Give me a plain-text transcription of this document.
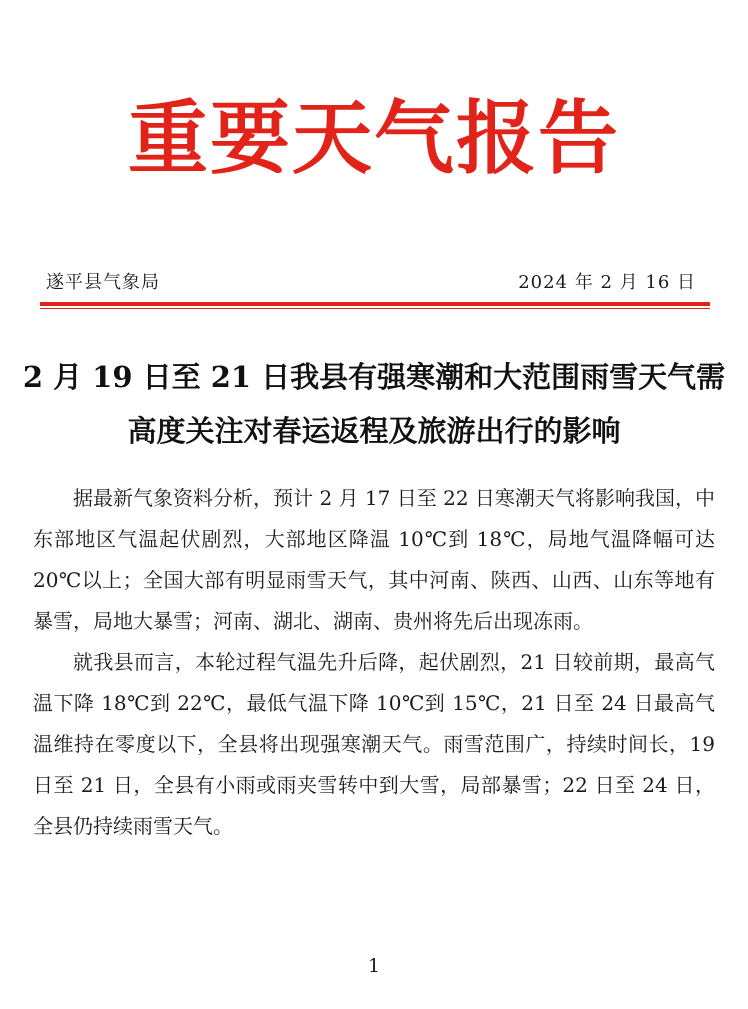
重要天气报告
遂平县气象局	2024 年 2 月 16 日
2 月 19 日至 21 日我县有强寒潮和大范围雨雪天气需高度关注对春运返程及旅游出行的影响

据最新气象资料分析，预计 2 月 17 日至 22 日寒潮天气将影响我国，中东部地区气温起伏剧烈，大部地区降温 10℃到 18℃，局地气温降幅可达 20℃以上；全国大部有明显雨雪天气，其中河南、陕西、山西、山东等地有暴雪，局地大暴雪；河南、湖北、湖南、贵州将先后出现冻雨。

就我县而言，本轮过程气温先升后降，起伏剧烈，21 日较前期，最高气温下降 18℃到 22℃，最低气温下降 10℃到 15℃，21 日至 24 日最高气温维持在零度以下，全县将出现强寒潮天气。雨雪范围广，持续时间长，19 日至 21 日，全县有小雨或雨夹雪转中到大雪，局部暴雪；22 日至 24 日，全县仍持续雨雪天气。

1
